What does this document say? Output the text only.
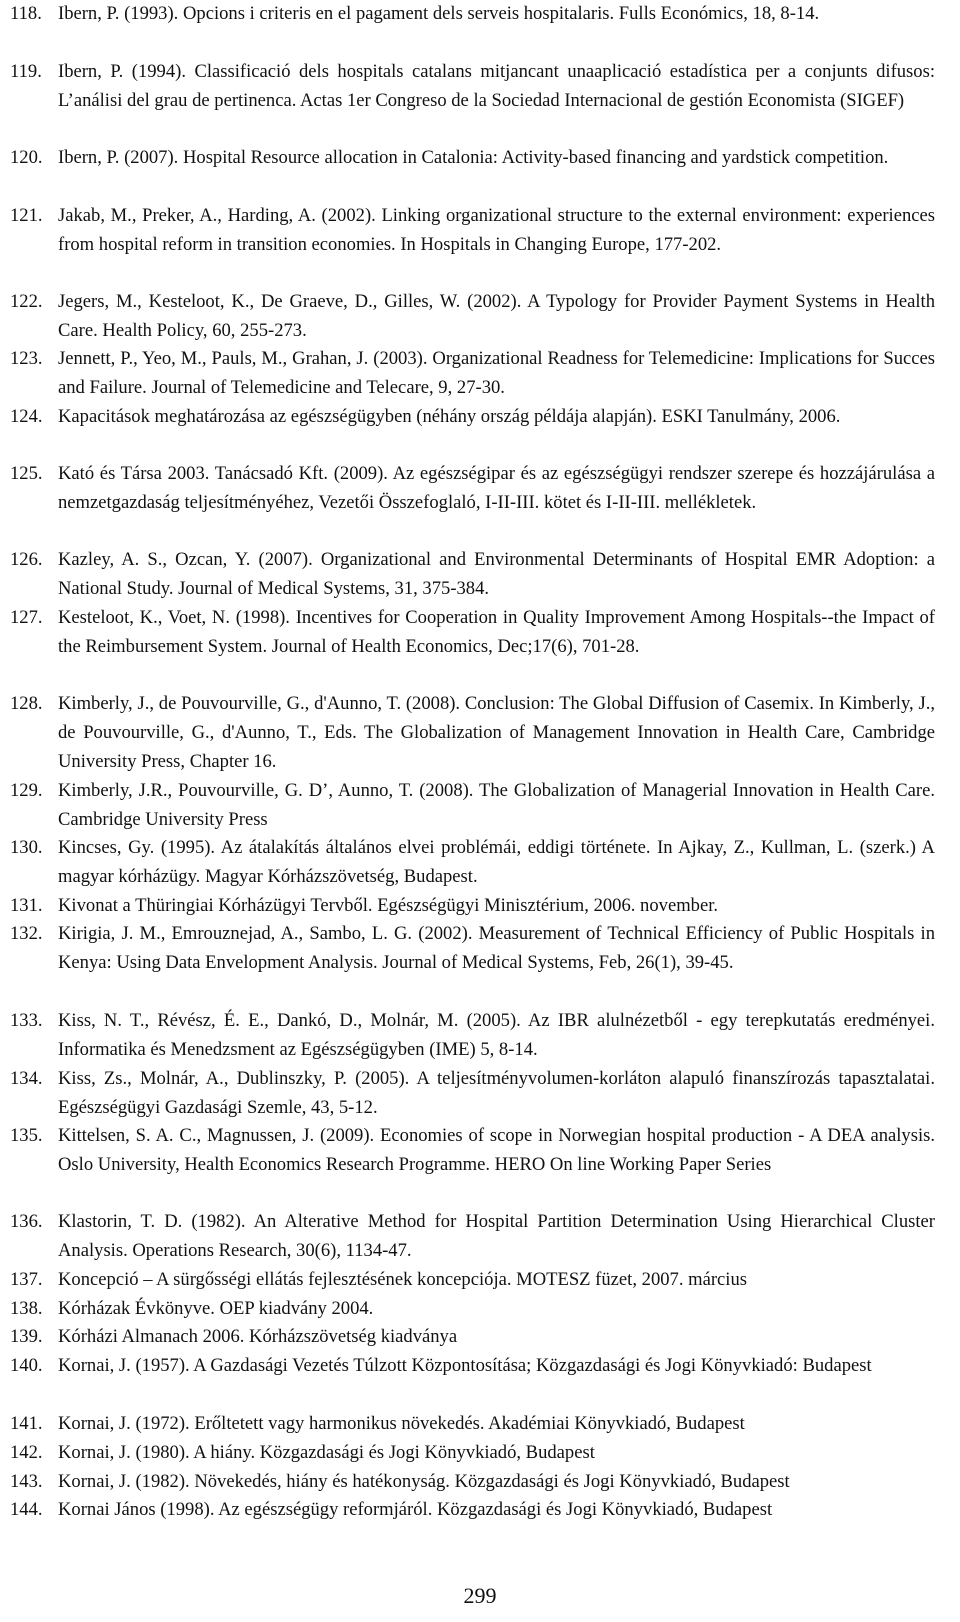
118. Ibern, P. (1993). Opcions i criteris en el pagament dels serveis hospitalaris. Fulls Económics, 18, 8-14.
119. Ibern, P. (1994). Classificació dels hospitals catalans mitjancant unaaplicació estadística per a conjunts difusos: L’análisi del grau de pertinenca. Actas 1er Congreso de la Sociedad Internacional de gestión Economista (SIGEF)
120. Ibern, P. (2007). Hospital Resource allocation in Catalonia: Activity-based financing and yardstick competition.
121. Jakab, M., Preker, A., Harding, A. (2002). Linking organizational structure to the external environment: experiences from hospital reform in transition economies. In Hospitals in Changing Europe, 177-202.
122. Jegers, M., Kesteloot, K., De Graeve, D., Gilles, W. (2002). A Typology for Provider Payment Systems in Health Care. Health Policy, 60, 255-273.
123. Jennett, P., Yeo, M., Pauls, M., Grahan, J. (2003). Organizational Readness for Telemedicine: Implications for Succes and Failure. Journal of Telemedicine and Telecare, 9, 27-30.
124. Kapacitások meghatározása az egészségügyben (néhány ország példája alapján). ESKI Tanulmány, 2006.
125. Kató és Társa 2003. Tanácsadó Kft. (2009). Az egészségipar és az egészségügyi rendszer szerepe és hozzájárulása a nemzetgazdaság teljesítményéhez, Vezetői Összefoglaló, I-II-III. kötet és I-II-III. mellékletek.
126. Kazley, A. S., Ozcan, Y. (2007). Organizational and Environmental Determinants of Hospital EMR Adoption: a National Study. Journal of Medical Systems, 31, 375-384.
127. Kesteloot, K., Voet, N. (1998). Incentives for Cooperation in Quality Improvement Among Hospitals--the Impact of the Reimbursement System. Journal of Health Economics, Dec;17(6), 701-28.
128. Kimberly, J., de Pouvourville, G., d'Aunno, T. (2008). Conclusion: The Global Diffusion of Casemix. In Kimberly, J., de Pouvourville, G., d'Aunno, T., Eds. The Globalization of Management Innovation in Health Care, Cambridge University Press, Chapter 16.
129. Kimberly, J.R., Pouvourville, G. D’, Aunno, T. (2008). The Globalization of Managerial Innovation in Health Care. Cambridge University Press
130. Kincses, Gy. (1995). Az átalakítás általános elvei problémái, eddigi története. In Ajkay, Z., Kullman, L. (szerk.) A magyar kórházügy. Magyar Kórházszövetség, Budapest.
131. Kivonat a Thüringiai Kórházügyi Tervből. Egészségügyi Minisztérium, 2006. november.
132. Kirigia, J. M., Emrouznejad, A., Sambo, L. G. (2002). Measurement of Technical Efficiency of Public Hospitals in Kenya: Using Data Envelopment Analysis. Journal of Medical Systems, Feb, 26(1), 39-45.
133. Kiss, N. T., Révész, É. E., Dankó, D., Molnár, M. (2005). Az IBR alulnézetből - egy terepkutatás eredményei. Informatika és Menedzsment az Egészségügyben (IME) 5, 8-14.
134. Kiss, Zs., Molnár, A., Dublinszky, P. (2005). A teljesítményvolumen-korláton alapuló finanszírozás tapasztalatai. Egészségügyi Gazdasági Szemle, 43, 5-12.
135. Kittelsen, S. A. C., Magnussen, J. (2009). Economies of scope in Norwegian hospital production - A DEA analysis. Oslo University, Health Economics Research Programme. HERO On line Working Paper Series
136. Klastorin, T. D. (1982). An Alterative Method for Hospital Partition Determination Using Hierarchical Cluster Analysis. Operations Research, 30(6), 1134-47.
137. Koncepció – A sürgősségi ellátás fejlesztésének koncepciója. MOTESZ füzet, 2007. március
138. Kórházak Évkönyve. OEP kiadvány 2004.
139. Kórházi Almanach 2006. Kórházszövetség kiadványa
140. Kornai, J. (1957). A Gazdasági Vezetés Túlzott Központosítása; Közgazdasági és Jogi Könyvkiadó: Budapest
141. Kornai, J. (1972). Erőltetett vagy harmonikus növekedés. Akadémiai Könyvkiadó, Budapest
142. Kornai, J. (1980). A hiány. Közgazdasági és Jogi Könyvkiadó, Budapest
143. Kornai, J. (1982). Növekedés, hiány és hatékonyság. Közgazdasági és Jogi Könyvkiadó, Budapest
144. Kornai János (1998). Az egészségügy reformjáról. Közgazdasági és Jogi Könyvkiadó, Budapest
299
